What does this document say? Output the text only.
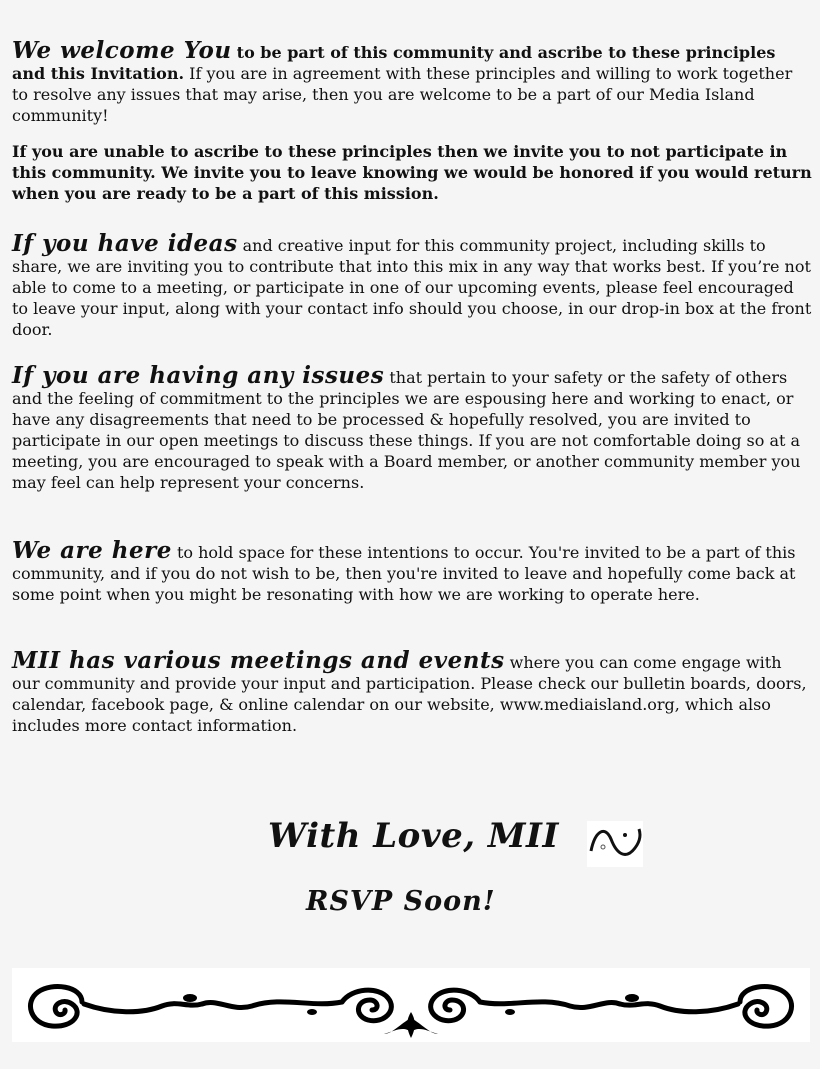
We welcome You to be part of this community and ascribe to these principles and this Invitation. If you are in agreement with these principles and willing to work together to resolve any issues that may arise, then you are welcome to be a part of our Media Island community!
If you are unable to ascribe to these principles then we invite you to not participate in this community. We invite you to leave knowing we would be honored if you would return when you are ready to be a part of this mission.
If you have ideas and creative input for this community project, including skills to share, we are inviting you to contribute that into this mix in any way that works best. If you’re not able to come to a meeting, or participate in one of our upcoming events, please feel encouraged to leave your input, along with your contact info should you choose, in our drop-in box at the front door.
If you are having any issues that pertain to your safety or the safety of others and the feeling of commitment to the principles we are espousing here and working to enact, or have any disagreements that need to be processed & hopefully resolved, you are invited to participate in our open meetings to discuss these things. If you are not comfortable doing so at a meeting, you are encouraged to speak with a Board member, or another community member you may feel can help represent your concerns.
We are here to hold space for these intentions to occur. You're invited to be a part of this community, and if you do not wish to be, then you're invited to leave and hopefully come back at some point when you might be resonating with how we are working to operate here.
MII has various meetings and events where you can come engage with our community and provide your input and participation. Please check our bulletin boards, doors, calendar, facebook page, & online calendar on our website, www.mediaisland.org, which also includes more contact information.
With Love, MII
RSVP Soon!
